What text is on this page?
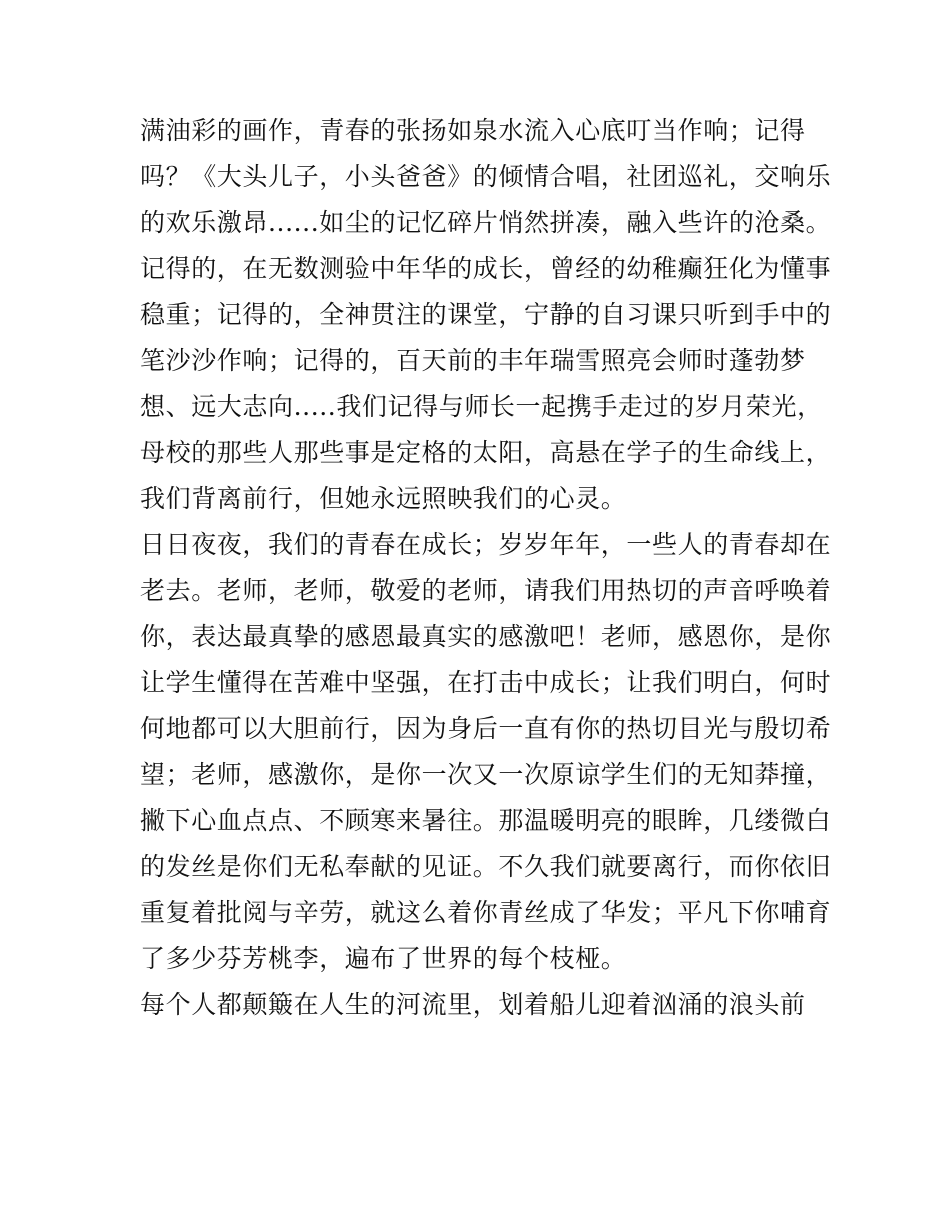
满油彩的画作，青春的张扬如泉水流入心底叮当作响；记得
吗？《大头儿子，小头爸爸》的倾情合唱，社团巡礼，交响乐
的欢乐激昂......如尘的记忆碎片悄然拼凑，融入些许的沧桑。
记得的，在无数测验中年华的成长，曾经的幼稚癫狂化为懂事
稳重；记得的，全神贯注的课堂，宁静的自习课只听到手中的
笔沙沙作响；记得的，百天前的丰年瑞雪照亮会师时蓬勃梦
想、远大志向.....我们记得与师长一起携手走过的岁月荣光，
母校的那些人那些事是定格的太阳，高悬在学子的生命线上，
我们背离前行，但她永远照映我们的心灵。
日日夜夜，我们的青春在成长；岁岁年年，一些人的青春却在
老去。老师，老师，敬爱的老师，请我们用热切的声音呼唤着
你，表达最真挚的感恩最真实的感激吧！老师，感恩你，是你
让学生懂得在苦难中坚强，在打击中成长；让我们明白，何时
何地都可以大胆前行，因为身后一直有你的热切目光与殷切希
望；老师，感激你，是你一次又一次原谅学生们的无知莽撞，
撇下心血点点、不顾寒来暑往。那温暖明亮的眼眸，几缕微白
的发丝是你们无私奉献的见证。不久我们就要离行，而你依旧
重复着批阅与辛劳，就这么着你青丝成了华发；平凡下你哺育
了多少芬芳桃李，遍布了世界的每个枝桠。
每个人都颠簸在人生的河流里，划着船儿迎着汹涌的浪头前
